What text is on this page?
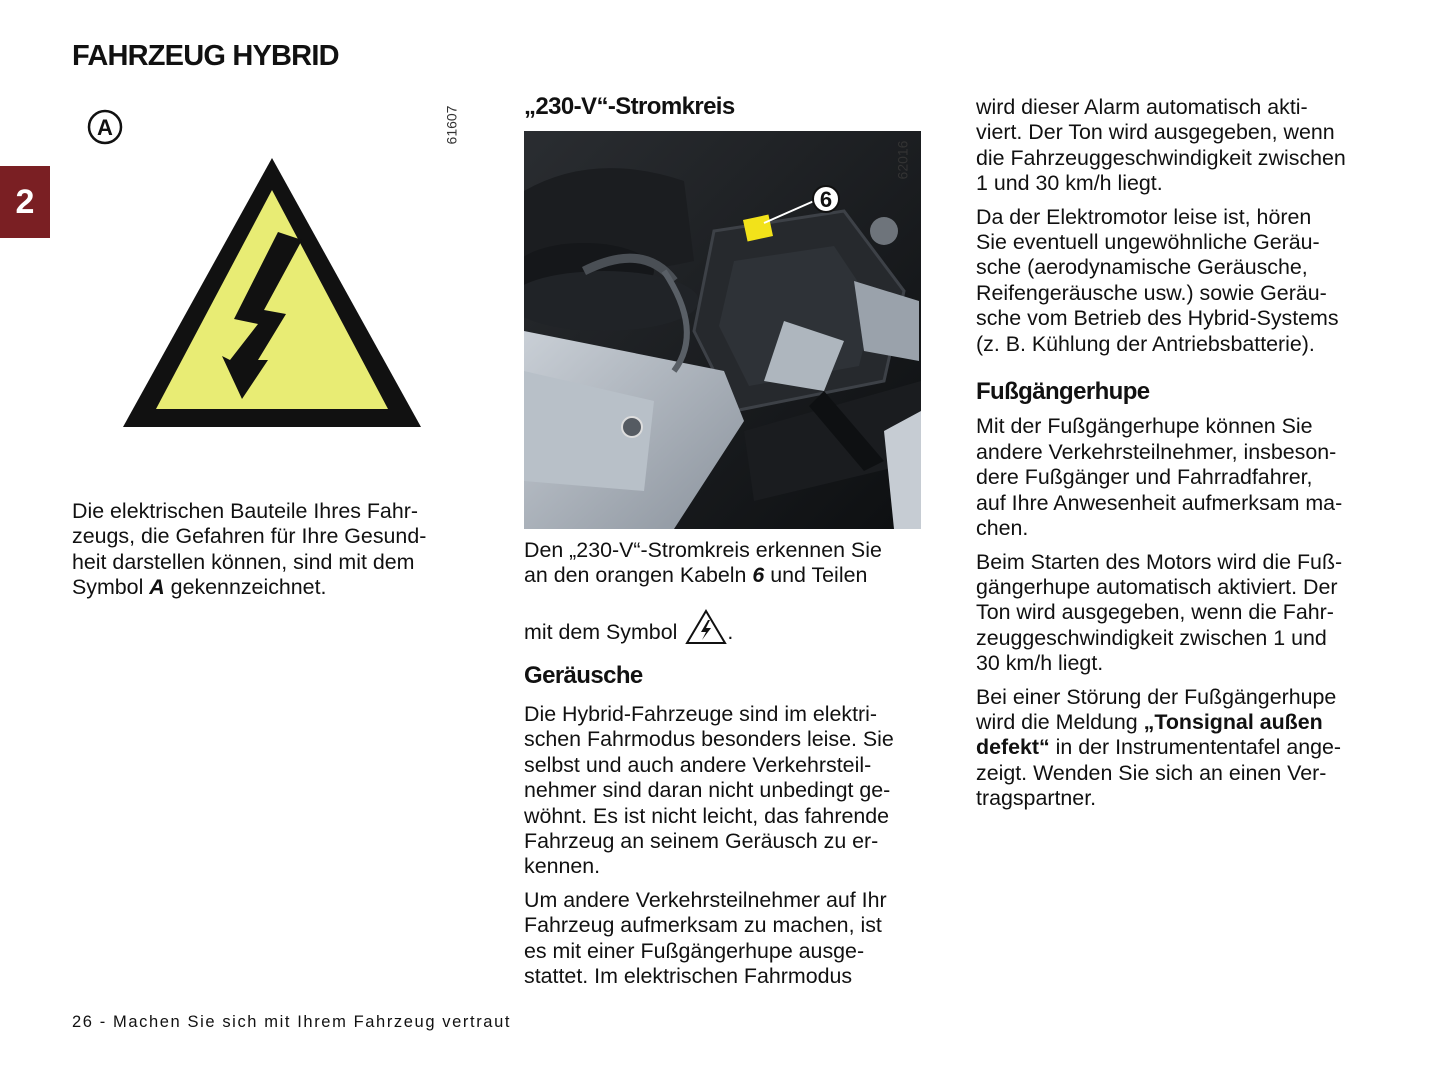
FAHRZEUG HYBRID
2
A	61607
Die elektrischen Bauteile Ihres Fahr-
zeugs, die Gefahren für Ihre Gesund-
heit darstellen können, sind mit dem
Symbol A gekennzeichnet.
„230-V“-Stromkreis
6
62016
Den „230-V“-Stromkreis erkennen Sie
an den orangen Kabeln 6 und Teilen
mit dem Symbol .
Geräusche

Die Hybrid-Fahrzeuge sind im elektri-
schen Fahrmodus besonders leise. Sie
selbst und auch andere Verkehrsteil-
nehmer sind daran nicht unbedingt ge-
wöhnt. Es ist nicht leicht, das fahrende
Fahrzeug an seinem Geräusch zu er-
kennen.

Um andere Verkehrsteilnehmer auf Ihr
Fahrzeug aufmerksam zu machen, ist
es mit einer Fußgängerhupe ausge-
stattet. Im elektrischen Fahrmodus

wird dieser Alarm automatisch akti-
viert. Der Ton wird ausgegeben, wenn
die Fahrzeuggeschwindigkeit zwischen
1 und 30 km/h liegt.

Da der Elektromotor leise ist, hören
Sie eventuell ungewöhnliche Geräu-
sche (aerodynamische Geräusche,
Reifengeräusche usw.) sowie Geräu-
sche vom Betrieb des Hybrid-Systems
(z. B. Kühlung der Antriebsbatterie).

Fußgängerhupe

Mit der Fußgängerhupe können Sie
andere Verkehrsteilnehmer, insbeson-
dere Fußgänger und Fahrradfahrer,
auf Ihre Anwesenheit aufmerksam ma-
chen.

Beim Starten des Motors wird die Fuß-
gängerhupe automatisch aktiviert. Der
Ton wird ausgegeben, wenn die Fahr-
zeuggeschwindigkeit zwischen 1 und
30 km/h liegt.

Bei einer Störung der Fußgängerhupe
wird die Meldung „Tonsignal außen
defekt“ in der Instrumententafel ange-
zeigt. Wenden Sie sich an einen Ver-
tragspartner.

26 - Machen Sie sich mit Ihrem Fahrzeug vertraut
